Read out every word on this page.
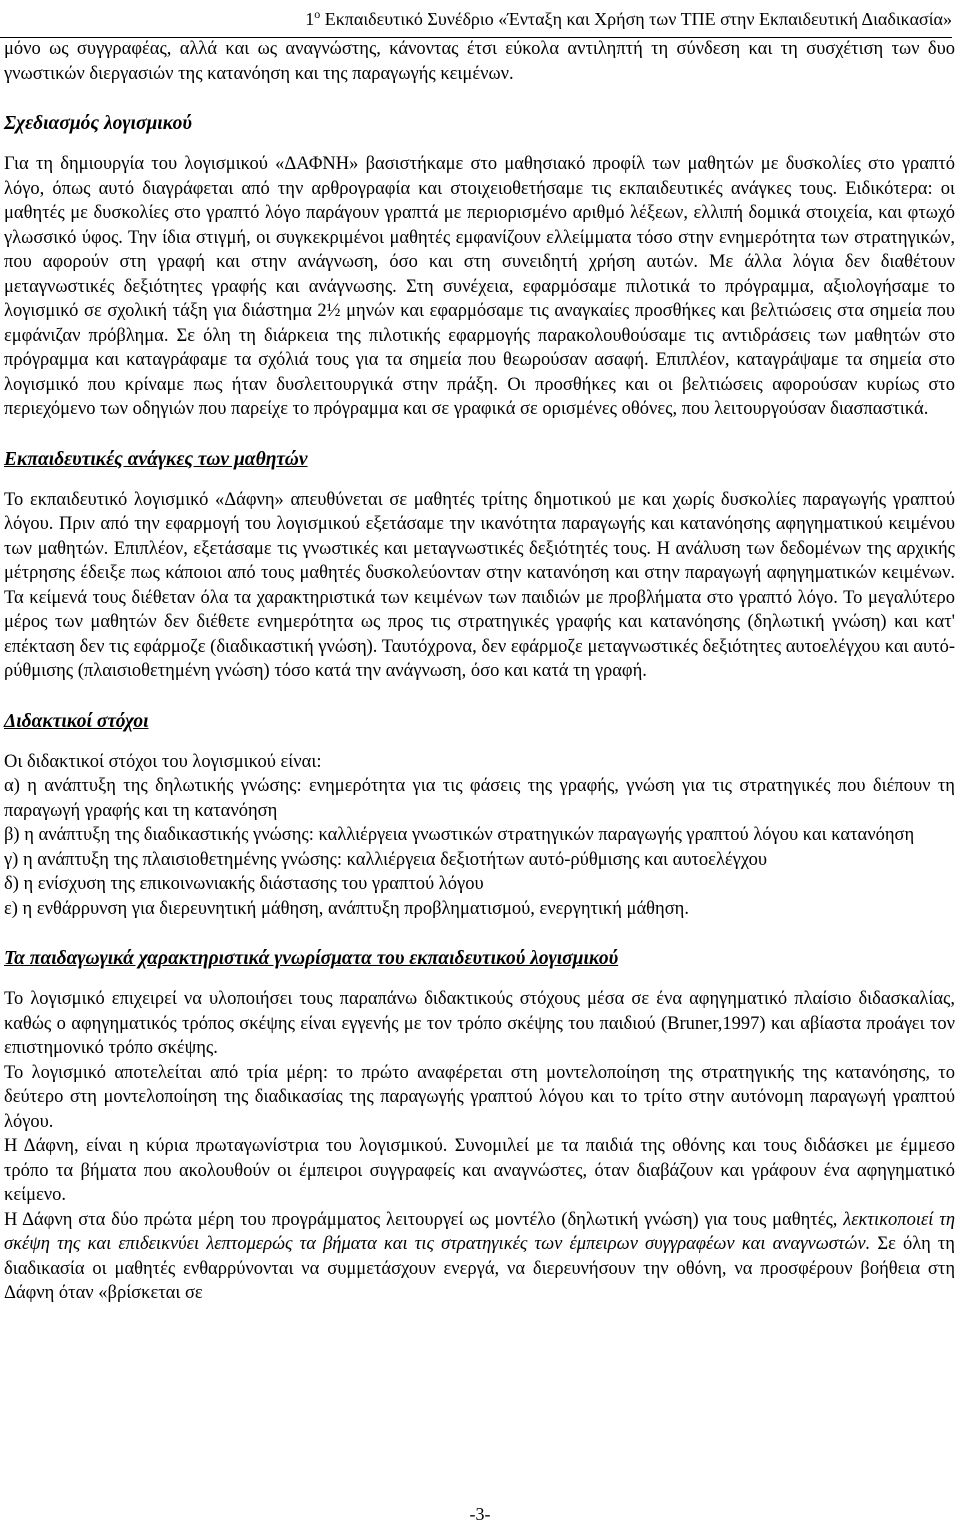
$1^o$ Εκπαιδευτικό Συνέδριο «Ένταξη και Χρήση των ΤΠΕ στην Εκπαιδευτική Διαδικασία»

μόνο ως συγγραφέας, αλλά και ως αναγνώστης, κάνοντας έτσι εύκολα αντιληπτή τη σύνδεση και τη συσχέτιση των δυο γνωστικών διεργασιών της κατανόηση και της παραγωγής κειμένων.

Σχεδιασμός λογισμικού

Για τη δημιουργία του λογισμικού «ΔΑΦΝΗ» βασιστήκαμε στο μαθησιακό προφίλ των μαθητών με δυσκολίες στο γραπτό λόγο, όπως αυτό διαγράφεται από την αρθρογραφία και στοιχειοθετήσαμε τις εκπαιδευτικές ανάγκες τους. Ειδικότερα: οι μαθητές με δυσκολίες στο γραπτό λόγο παράγουν γραπτά με περιορισμένο αριθμό λέξεων, ελλιπή δομικά στοιχεία, και φτωχό γλωσσικό ύφος. Την ίδια στιγμή, οι συγκεκριμένοι μαθητές εμφανίζουν ελλείμματα τόσο στην ενημερότητα των στρατηγικών, που αφορούν στη γραφή και στην ανάγνωση, όσο και στη συνειδητή χρήση αυτών. Με άλλα λόγια δεν διαθέτουν μεταγνωστικές δεξιότητες γραφής και ανάγνωσης. Στη συνέχεια, εφαρμόσαμε πιλοτικά το πρόγραμμα, αξιολογήσαμε το λογισμικό σε σχολική τάξη για διάστημα 2½ μηνών και εφαρμόσαμε τις αναγκαίες προσθήκες και βελτιώσεις στα σημεία που εμφάνιζαν πρόβλημα. Σε όλη τη διάρκεια της πιλοτικής εφαρμογής παρακολουθούσαμε τις αντιδράσεις των μαθητών στο πρόγραμμα και καταγράφαμε τα σχόλιά τους για τα σημεία που θεωρούσαν ασαφή. Επιπλέον, καταγράψαμε τα σημεία στο λογισμικό που κρίναμε πως ήταν δυσλειτουργικά στην πράξη. Οι προσθήκες και οι βελτιώσεις αφορούσαν κυρίως στο περιεχόμενο των οδηγιών που παρείχε το πρόγραμμα και σε γραφικά σε ορισμένες οθόνες, που λειτουργούσαν διασπαστικά.

Εκπαιδευτικές ανάγκες των μαθητών

Το εκπαιδευτικό λογισμικό «Δάφνη» απευθύνεται σε μαθητές τρίτης δημοτικού με και χωρίς δυσκολίες παραγωγής γραπτού λόγου. Πριν από την εφαρμογή του λογισμικού εξετάσαμε την ικανότητα παραγωγής και κατανόησης αφηγηματικού κειμένου των μαθητών. Επιπλέον, εξετάσαμε τις γνωστικές και μεταγνωστικές δεξιότητές τους. Η ανάλυση των δεδομένων της αρχικής μέτρησης έδειξε πως κάποιοι από τους μαθητές δυσκολεύονταν στην κατανόηση και στην παραγωγή αφηγηματικών κειμένων. Τα κείμενά τους διέθεταν όλα τα χαρακτηριστικά των κειμένων των παιδιών με προβλήματα στο γραπτό λόγο. Το μεγαλύτερο μέρος των μαθητών δεν διέθετε ενημερότητα ως προς τις στρατηγικές γραφής και κατανόησης (δηλωτική γνώση) και κατ' επέκταση δεν τις εφάρμοζε (διαδικαστική γνώση). Ταυτόχρονα, δεν εφάρμοζε μεταγνωστικές δεξιότητες αυτοελέγχου και αυτό-ρύθμισης (πλαισιοθετημένη γνώση) τόσο κατά την ανάγνωση, όσο και κατά τη γραφή.

Διδακτικοί στόχοι

Οι διδακτικοί στόχοι του λογισμικού είναι:

α) η ανάπτυξη της δηλωτικής γνώσης: ενημερότητα για τις φάσεις της γραφής, γνώση για τις στρατηγικές που διέπουν τη παραγωγή γραφής και τη κατανόηση

β) η ανάπτυξη της διαδικαστικής γνώσης: καλλιέργεια γνωστικών στρατηγικών παραγωγής γραπτού λόγου και κατανόηση

γ) η ανάπτυξη της πλαισιοθετημένης γνώσης: καλλιέργεια δεξιοτήτων αυτό-ρύθμισης και αυτοελέγχου

δ) η ενίσχυση της επικοινωνιακής διάστασης του γραπτού λόγου

ε) η ενθάρρυνση για διερευνητική μάθηση, ανάπτυξη προβληματισμού, ενεργητική μάθηση.

Τα παιδαγωγικά χαρακτηριστικά γνωρίσματα του εκπαιδευτικού λογισμικού

Το λογισμικό επιχειρεί να υλοποιήσει τους παραπάνω διδακτικούς στόχους μέσα σε ένα αφηγηματικό πλαίσιο διδασκαλίας, καθώς ο αφηγηματικός τρόπος σκέψης είναι εγγενής με τον τρόπο σκέψης του παιδιού (Bruner,1997) και αβίαστα προάγει τον επιστημονικό τρόπο σκέψης.

Το λογισμικό αποτελείται από τρία μέρη: το πρώτο αναφέρεται στη μοντελοποίηση της στρατηγικής της κατανόησης, το δεύτερο στη μοντελοποίηση της διαδικασίας της παραγωγής γραπτού λόγου και το τρίτο στην αυτόνομη παραγωγή γραπτού λόγου.

Η Δάφνη, είναι η κύρια πρωταγωνίστρια του λογισμικού. Συνομιλεί με τα παιδιά της οθόνης και τους διδάσκει με έμμεσο τρόπο τα βήματα που ακολουθούν οι έμπειροι συγγραφείς και αναγνώστες, όταν διαβάζουν και γράφουν ένα αφηγηματικό κείμενο.

Η Δάφνη στα δύο πρώτα μέρη του προγράμματος λειτουργεί ως μοντέλο (δηλωτική γνώση) για τους μαθητές, λεκτικοποιεί τη σκέψη της και επιδεικνύει λεπτομερώς τα βήματα και τις στρατηγικές των έμπειρων συγγραφέων και αναγνωστών. Σε όλη τη διαδικασία οι μαθητές ενθαρρύνονται να συμμετάσχουν ενεργά, να διερευνήσουν την οθόνη, να προσφέρουν βοήθεια στη Δάφνη όταν «βρίσκεται σε

-3-
